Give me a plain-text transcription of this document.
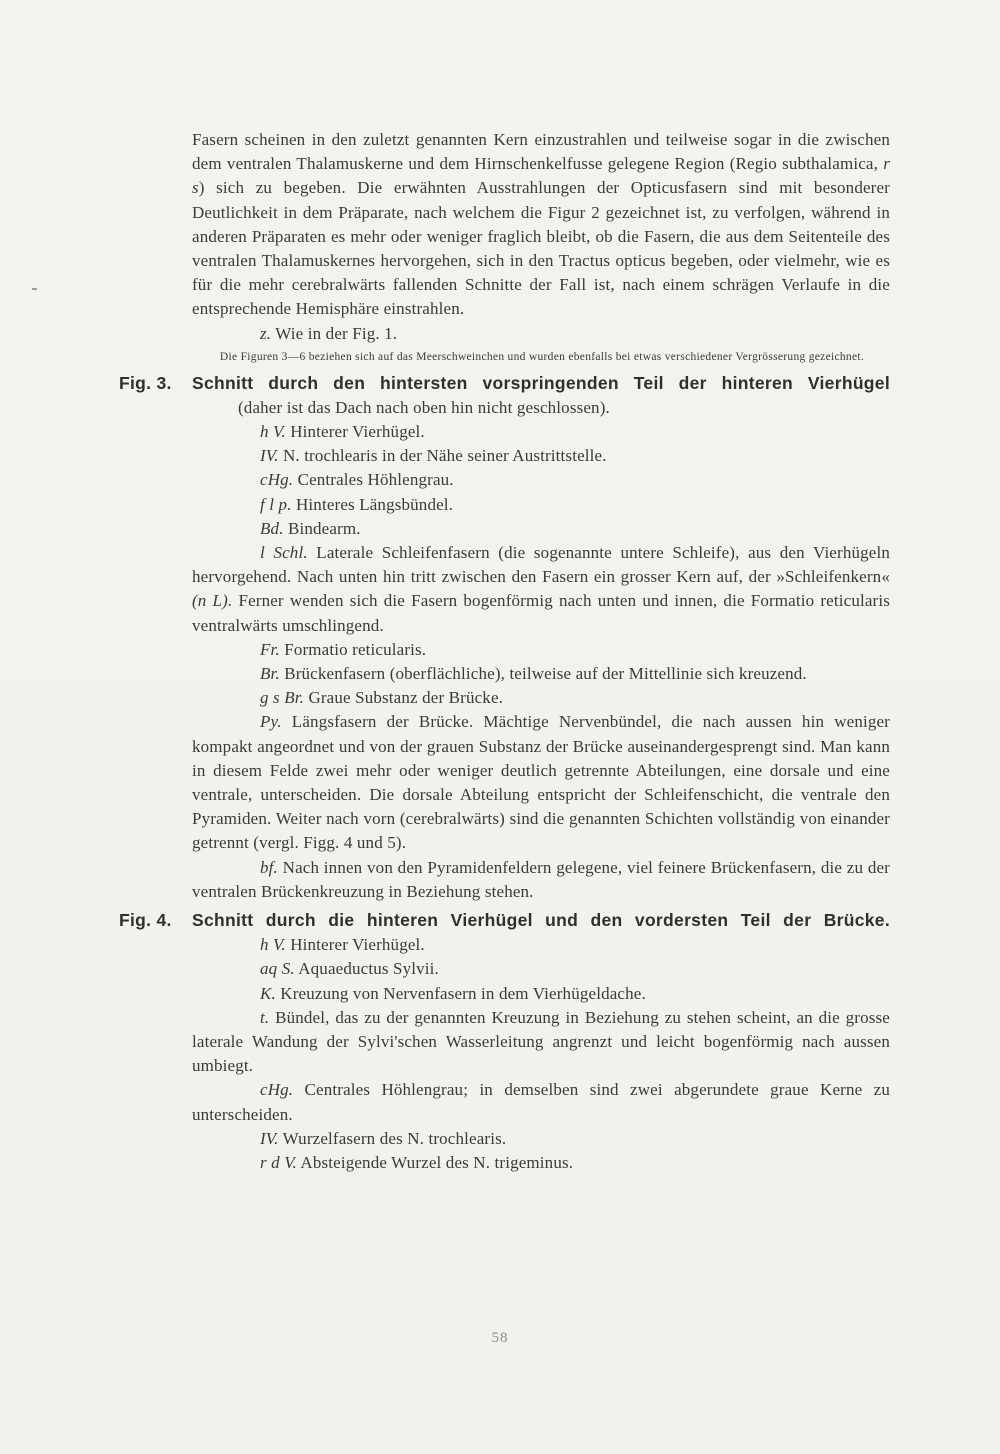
Fasern scheinen in den zuletzt genannten Kern einzustrahlen und teilweise sogar in die zwischen dem ventralen Thalamuskerne und dem Hirnschenkelfusse gelegene Region (Regio subthalamica, r s) sich zu begeben. Die erwähnten Ausstrahlungen der Opticusfasern sind mit besonderer Deutlichkeit in dem Präparate, nach welchem die Figur 2 gezeichnet ist, zu verfolgen, während in anderen Präparaten es mehr oder weniger fraglich bleibt, ob die Fasern, die aus dem Seitenteile des ventralen Thalamuskernes hervorgehen, sich in den Tractus opticus begeben, oder vielmehr, wie es für die mehr cerebralwärts fallenden Schnitte der Fall ist, nach einem schrägen Verlaufe in die entsprechende Hemisphäre einstrahlen.

z. Wie in der Fig. 1.

Die Figuren 3—6 beziehen sich auf das Meerschweinchen und wurden ebenfalls bei etwas verschiedener Vergrösserung gezeichnet.

Fig. 3.	Schnitt durch den hintersten vorspringenden Teil der hinteren Vierhügel

(daher ist das Dach nach oben hin nicht geschlossen).

h V. Hinterer Vierhügel.

IV. N. trochlearis in der Nähe seiner Austrittstelle.

cHg. Centrales Höhlengrau.

f l p. Hinteres Längsbündel.

Bd. Bindearm.

l Schl. Laterale Schleifenfasern (die sogenannte untere Schleife), aus den Vierhügeln hervorgehend. Nach unten hin tritt zwischen den Fasern ein grosser Kern auf, der »Schleifenkern« (n L). Ferner wenden sich die Fasern bogenförmig nach unten und innen, die Formatio reticularis ventralwärts umschlingend.

Fr. Formatio reticularis.

Br. Brückenfasern (oberflächliche), teilweise auf der Mittellinie sich kreuzend.

g s Br. Graue Substanz der Brücke.

Py. Längsfasern der Brücke. Mächtige Nervenbündel, die nach aussen hin weniger kompakt angeordnet und von der grauen Substanz der Brücke auseinandergesprengt sind. Man kann in diesem Felde zwei mehr oder weniger deutlich getrennte Abteilungen, eine dorsale und eine ventrale, unterscheiden. Die dorsale Abteilung entspricht der Schleifenschicht, die ventrale den Pyramiden. Weiter nach vorn (cerebralwärts) sind die genannten Schichten vollständig von einander getrennt (vergl. Figg. 4 und 5).

bf. Nach innen von den Pyramidenfeldern gelegene, viel feinere Brückenfasern, die zu der ventralen Brückenkreuzung in Beziehung stehen.

Fig. 4.	Schnitt durch die hinteren Vierhügel und den vordersten Teil der Brücke.

h V. Hinterer Vierhügel.

aq S. Aquaeductus Sylvii.

K. Kreuzung von Nervenfasern in dem Vierhügeldache.

t. Bündel, das zu der genannten Kreuzung in Beziehung zu stehen scheint, an die grosse laterale Wandung der Sylvi'schen Wasserleitung angrenzt und leicht bogenförmig nach aussen umbiegt.

cHg. Centrales Höhlengrau; in demselben sind zwei abgerundete graue Kerne zu unterscheiden.

IV. Wurzelfasern des N. trochlearis.

r d V. Absteigende Wurzel des N. trigeminus.

58
